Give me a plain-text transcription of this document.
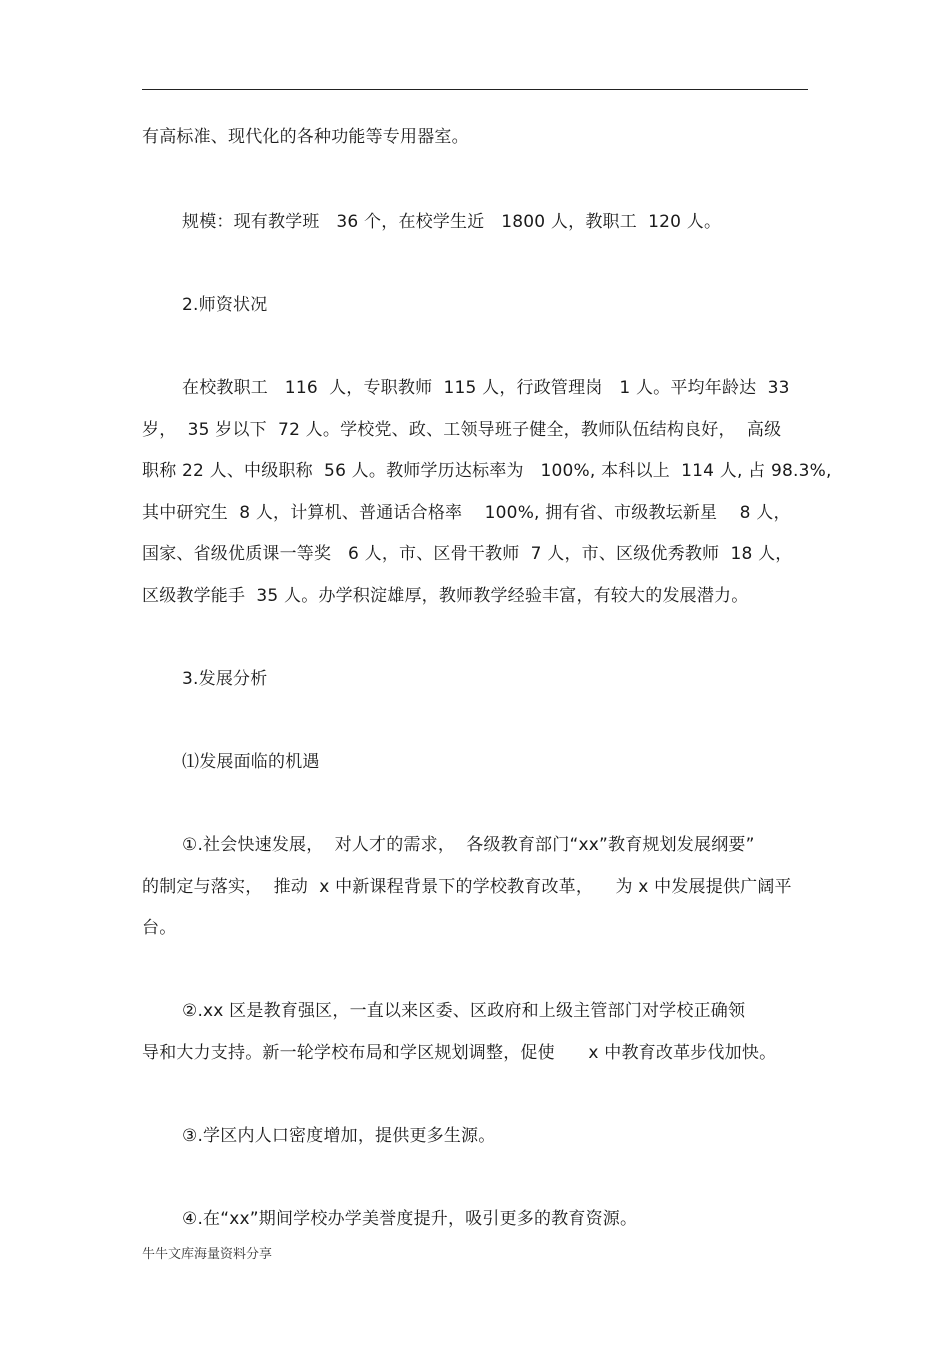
有高标准、现代化的各种功能等专用器室。
规模：现有教学班   36 个，在校学生近   1800 人，教职工  120 人。
2.师资状况
在校教职工   116  人，专职教师  115 人，行政管理岗   1 人。平均年龄达  33
岁，  35 岁以下  72 人。学校党、政、工领导班子健全，教师队伍结构良好，  高级
职称 22 人、中级职称  56 人。教师学历达标率为   100%, 本科以上  114 人, 占 98.3%,
其中研究生  8 人，计算机、普通话合格率    100%, 拥有省、市级教坛新星    8 人，
国家、省级优质课一等奖   6 人，市、区骨干教师  7 人，市、区级优秀教师  18 人，
区级教学能手  35 人。办学积淀雄厚，教师教学经验丰富，有较大的发展潜力。
3.发展分析
⑴发展面临的机遇
①.社会快速发展，  对人才的需求，  各级教育部门“xx”教育规划发展纲要”
的制定与落实，  推动  x 中新课程背景下的学校教育改革，    为 x 中发展提供广阔平
台。
②.xx 区是教育强区，一直以来区委、区政府和上级主管部门对学校正确领
导和大力支持。新一轮学校布局和学区规划调整，促使      x 中教育改革步伐加快。
③.学区内人口密度增加，提供更多生源。
④.在“xx”期间学校办学美誉度提升，吸引更多的教育资源。
牛牛文库海量资料分享
